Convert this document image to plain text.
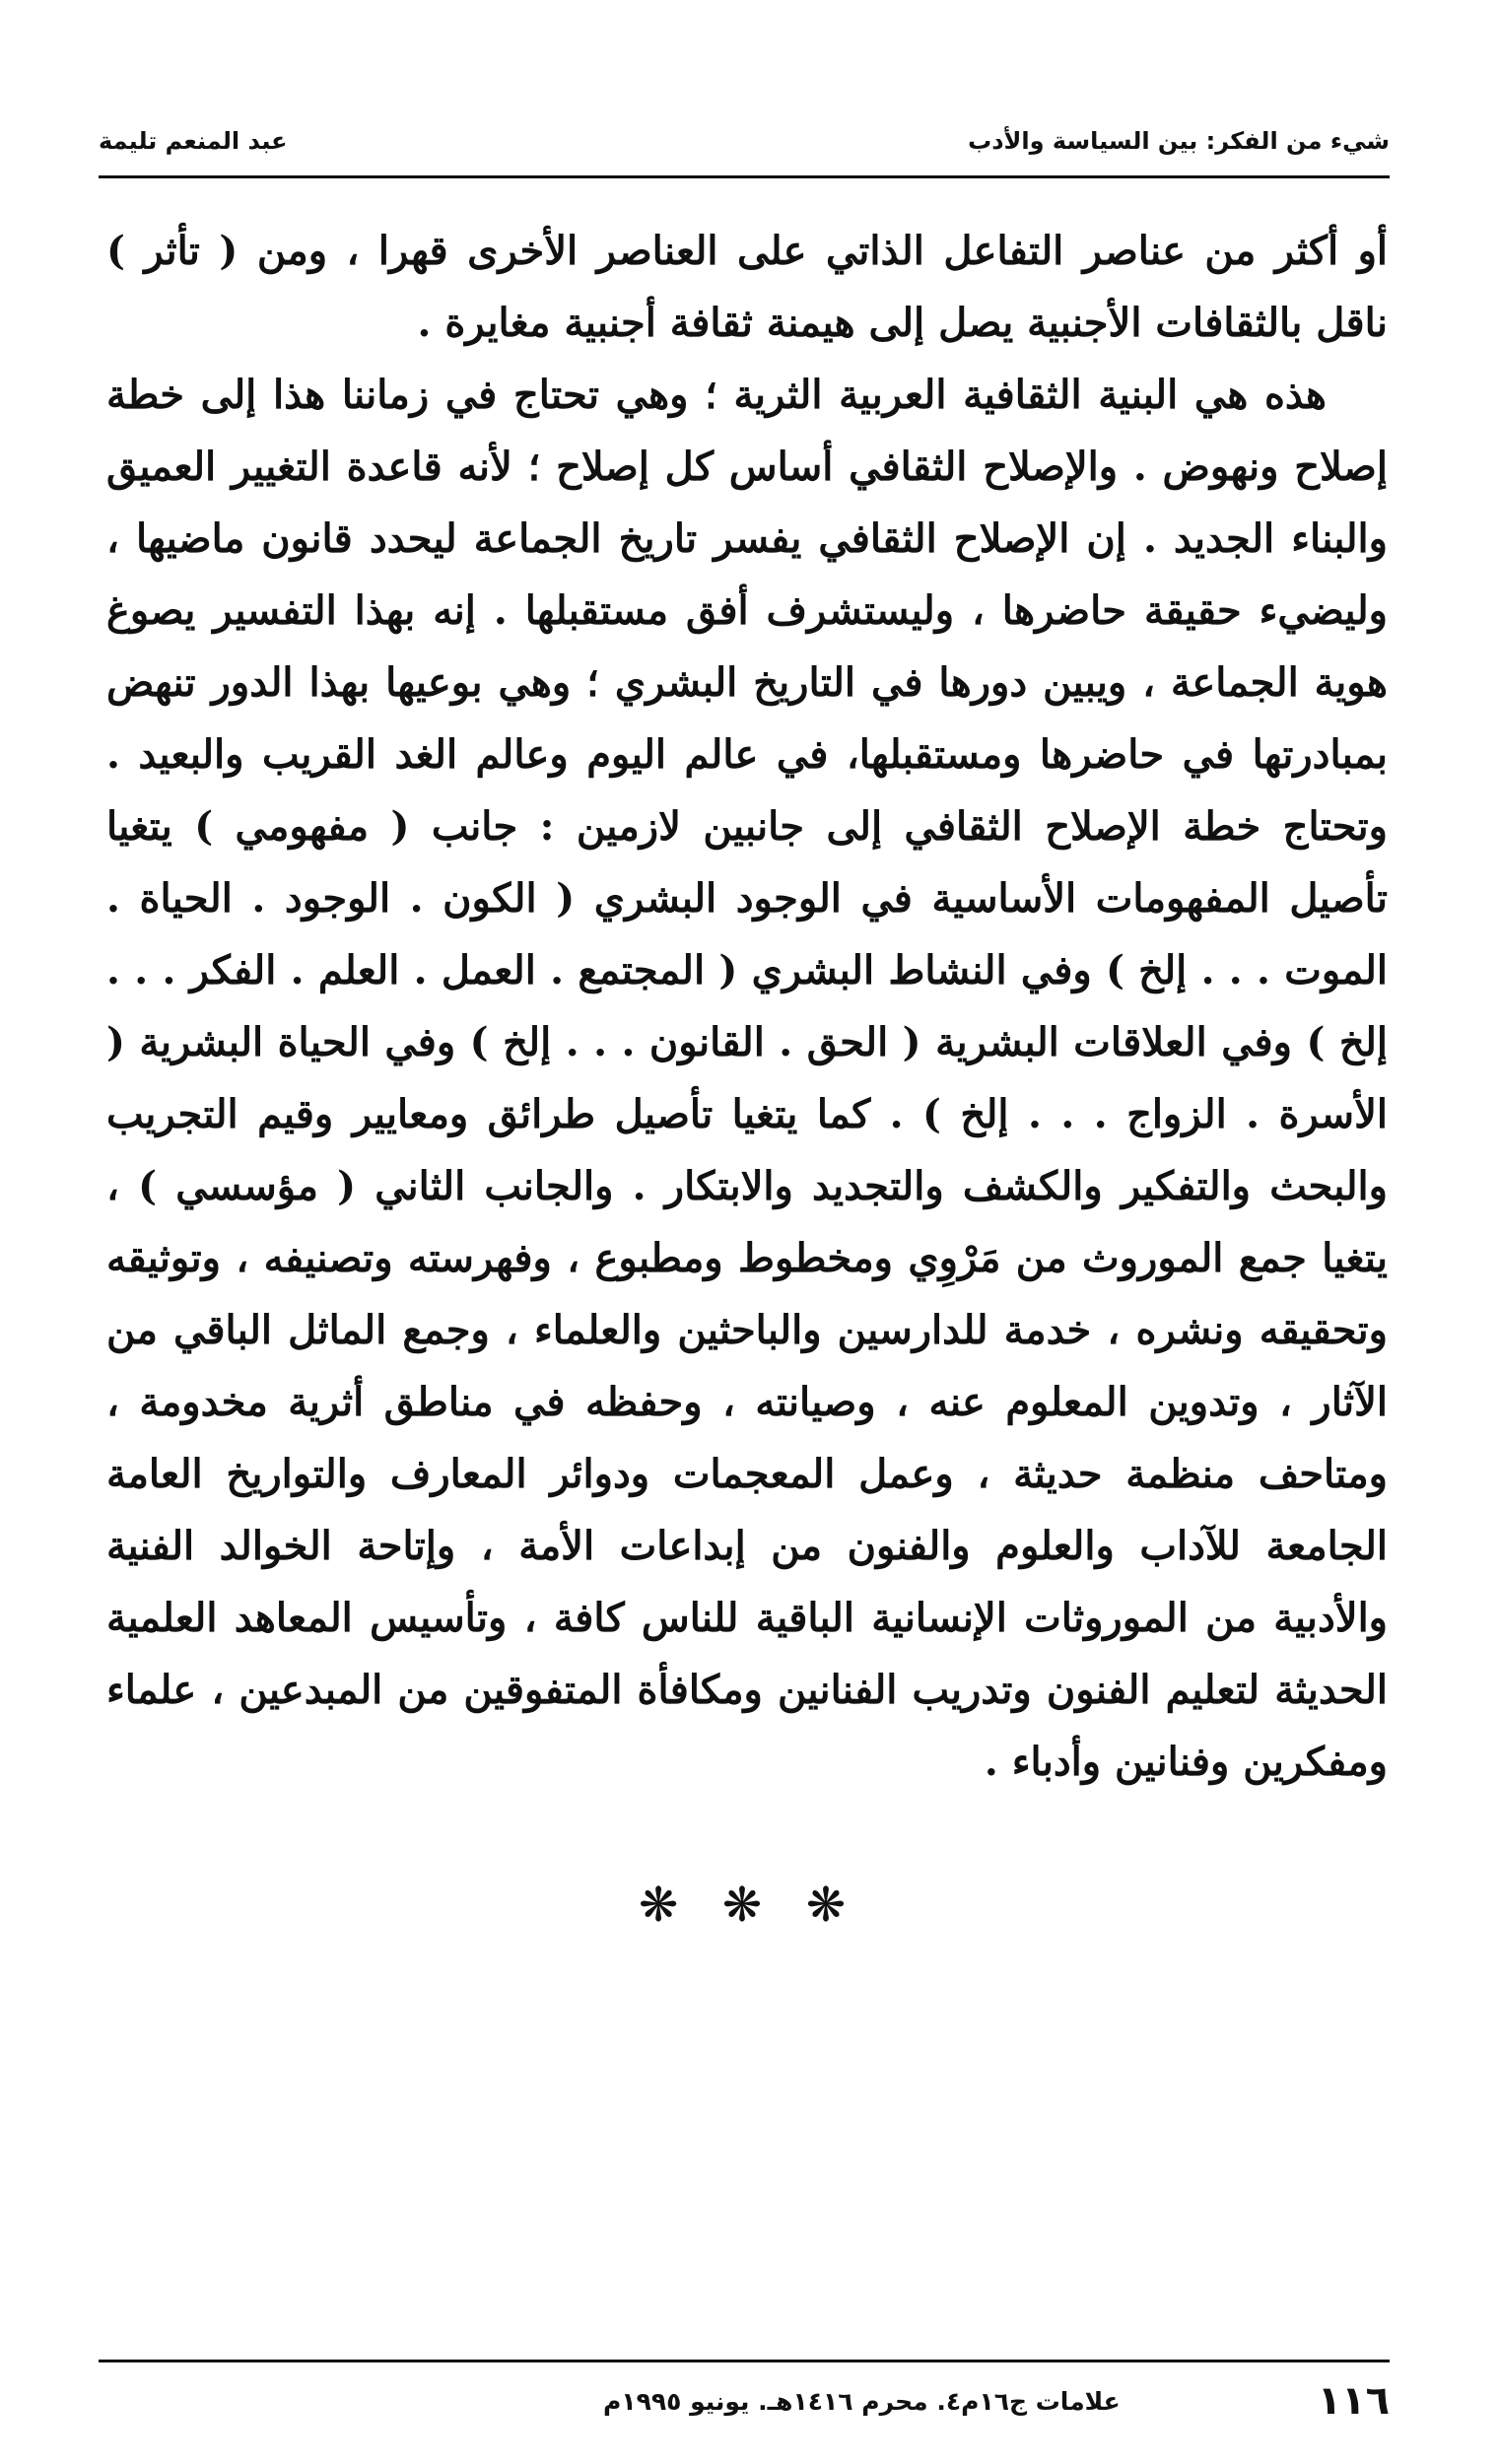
شيء من الفكر: بين السياسة والأدب
عبد المنعم تليمة

أو أكثر من عناصر التفاعل الذاتي على العناصر الأخرى قهرا ، ومن ( تأثر ) ناقل بالثقافات الأجنبية يصل إلى هيمنة ثقافة أجنبية مغايرة .

هذه هي البنية الثقافية العربية الثرية ؛ وهي تحتاج في زماننا هذا إلى خطة إصلاح ونهوض . والإصلاح الثقافي أساس كل إصلاح ؛ لأنه قاعدة التغيير العميق والبناء الجديد . إن الإصلاح الثقافي يفسر تاريخ الجماعة ليحدد قانون ماضيها ، وليضيء حقيقة حاضرها ، وليستشرف أفق مستقبلها . إنه بهذا التفسير يصوغ هوية الجماعة ، ويبين دورها في التاريخ البشري ؛ وهي بوعيها بهذا الدور تنهض بمبادرتها في حاضرها ومستقبلها، في عالم اليوم وعالم الغد القريب والبعيد . وتحتاج خطة الإصلاح الثقافي إلى جانبين لازمين : جانب ( مفهومي ) يتغيا تأصيل المفهومات الأساسية في الوجود البشري ( الكون . الوجود . الحياة . الموت . . . إلخ ) وفي النشاط البشري ( المجتمع . العمل . العلم . الفكر . . . إلخ ) وفي العلاقات البشرية ( الحق . القانون . . . إلخ ) وفي الحياة البشرية ( الأسرة . الزواج . . . إلخ ) . كما يتغيا تأصيل طرائق ومعايير وقيم التجريب والبحث والتفكير والكشف والتجديد والابتكار . والجانب الثاني ( مؤسسي ) ، يتغيا جمع الموروث من مَرْوِي ومخطوط ومطبوع ، وفهرسته وتصنيفه ، وتوثيقه وتحقيقه ونشره ، خدمة للدارسين والباحثين والعلماء ، وجمع الماثل الباقي من الآثار ، وتدوين المعلوم عنه ، وصيانته ، وحفظه في مناطق أثرية مخدومة ، ومتاحف منظمة حديثة ، وعمل المعجمات ودوائر المعارف والتواريخ العامة الجامعة للآداب والعلوم والفنون من إبداعات الأمة ، وإتاحة الخوالد الفنية والأدبية من الموروثات الإنسانية الباقية للناس كافة ، وتأسيس المعاهد العلمية الحديثة لتعليم الفنون وتدريب الفنانين ومكافأة المتفوقين من المبدعين ، علماء ومفكرين وفنانين وأدباء .

❋ ❋ ❋
١١٦
علامات ج١٦م٤. محرم ١٤١٦هـ. يونيو ١٩٩٥م
